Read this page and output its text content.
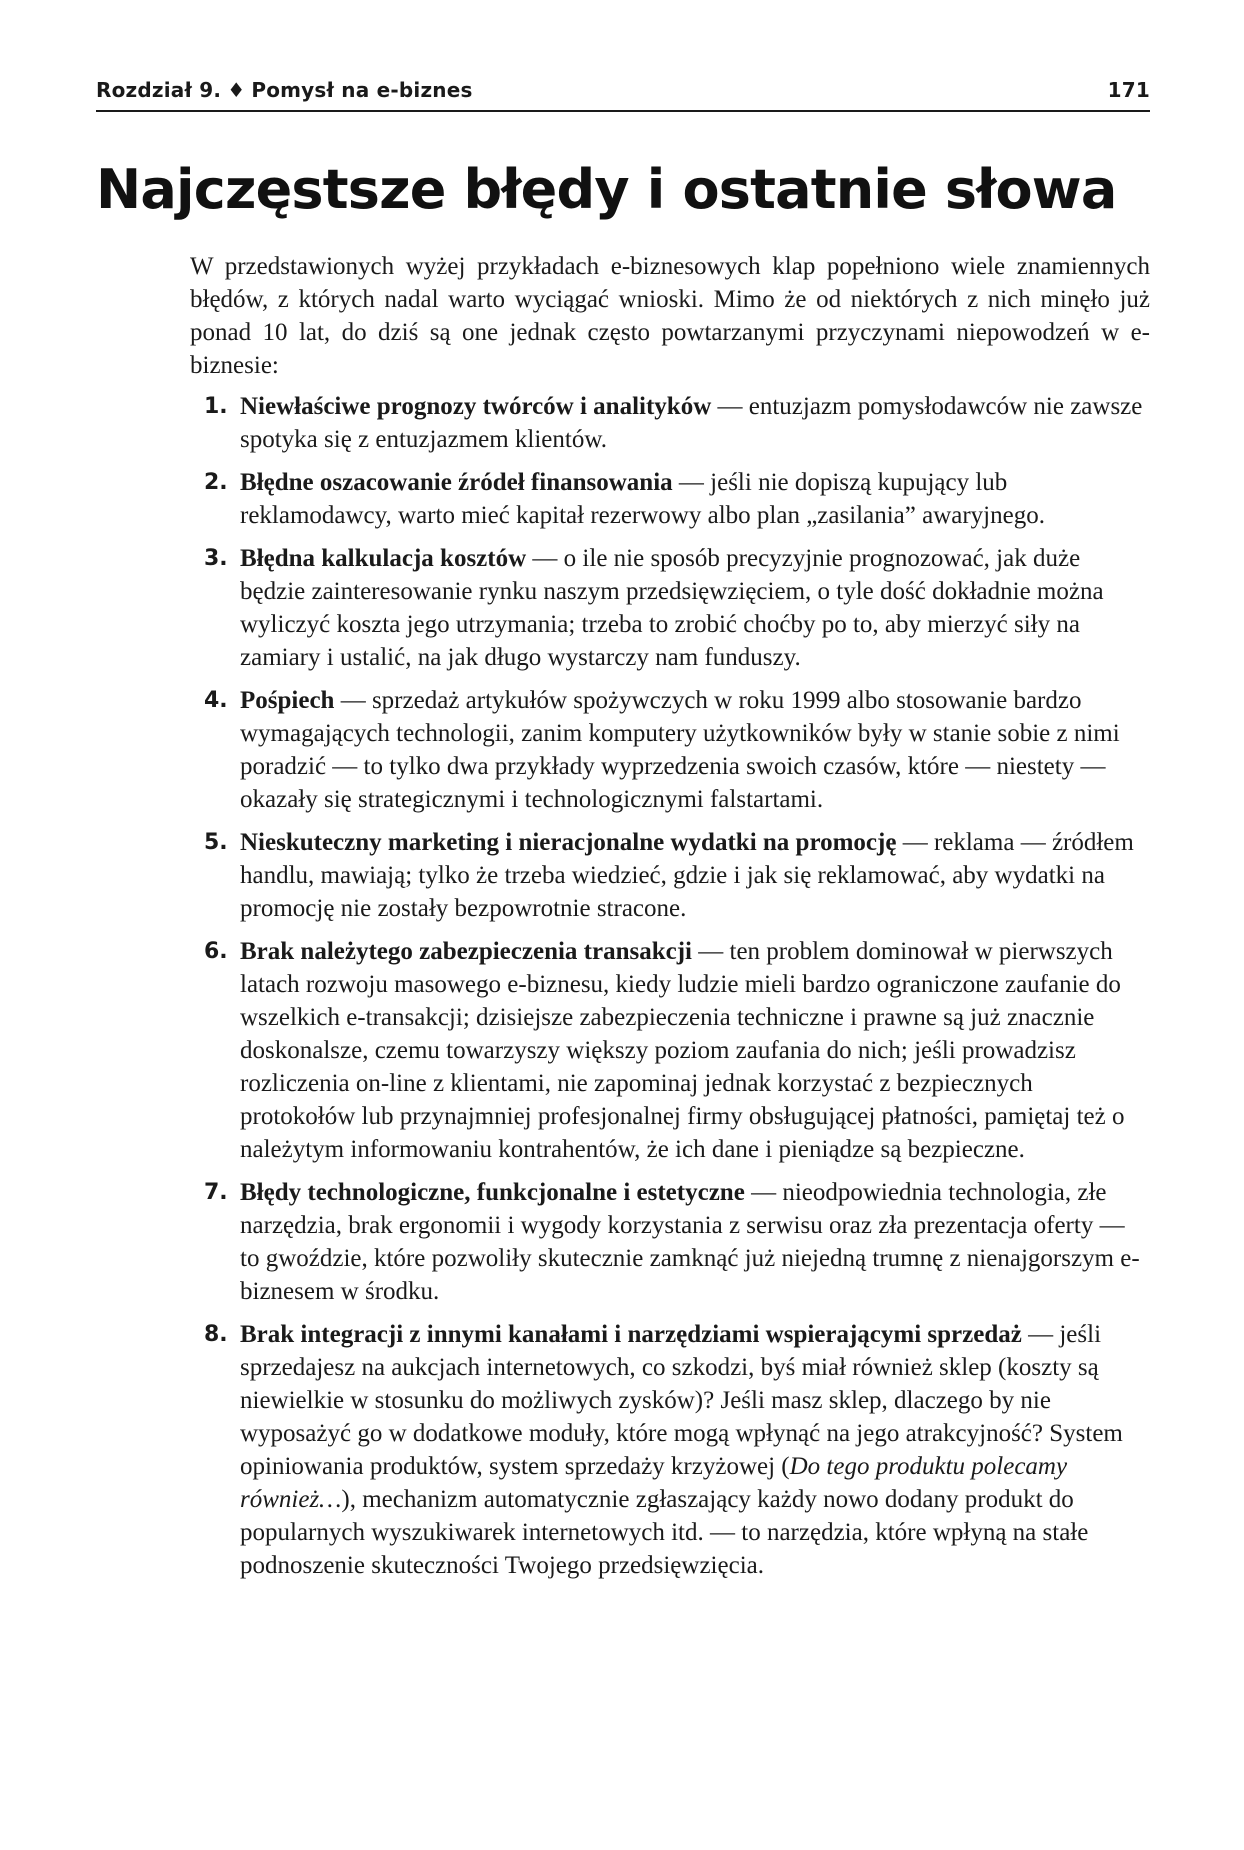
Rozdział 9. ♦ Pomysł na e-biznes	171
Najczęstsze błędy i ostatnie słowa

W przedstawionych wyżej przykładach e-biznesowych klap popełniono wiele znamiennych błędów, z których nadal warto wyciągać wnioski. Mimo że od niektórych z nich minęło już ponad 10 lat, do dziś są one jednak często powtarzanymi przyczynami niepowodzeń w e-biznesie:

1. Niewłaściwe prognozy twórców i analityków — entuzjazm pomysłodawców nie zawsze spotyka się z entuzjazmem klientów.
2. Błędne oszacowanie źródeł finansowania — jeśli nie dopiszą kupujący lub reklamodawcy, warto mieć kapitał rezerwowy albo plan „zasilania” awaryjnego.
3. Błędna kalkulacja kosztów — o ile nie sposób precyzyjnie prognozować, jak duże będzie zainteresowanie rynku naszym przedsięwzięciem, o tyle dość dokładnie można wyliczyć koszta jego utrzymania; trzeba to zrobić choćby po to, aby mierzyć siły na zamiary i ustalić, na jak długo wystarczy nam funduszy.
4. Pośpiech — sprzedaż artykułów spożywczych w roku 1999 albo stosowanie bardzo wymagających technologii, zanim komputery użytkowników były w stanie sobie z nimi poradzić — to tylko dwa przykłady wyprzedzenia swoich czasów, które — niestety — okazały się strategicznymi i technologicznymi falstartami.
5. Nieskuteczny marketing i nieracjonalne wydatki na promocję — reklama — źródłem handlu, mawiają; tylko że trzeba wiedzieć, gdzie i jak się reklamować, aby wydatki na promocję nie zostały bezpowrotnie stracone.
6. Brak należytego zabezpieczenia transakcji — ten problem dominował w pierwszych latach rozwoju masowego e-biznesu, kiedy ludzie mieli bardzo ograniczone zaufanie do wszelkich e-transakcji; dzisiejsze zabezpieczenia techniczne i prawne są już znacznie doskonalsze, czemu towarzyszy większy poziom zaufania do nich; jeśli prowadzisz rozliczenia on-line z klientami, nie zapominaj jednak korzystać z bezpiecznych protokołów lub przynajmniej profesjonalnej firmy obsługującej płatności, pamiętaj też o należytym informowaniu kontrahentów, że ich dane i pieniądze są bezpieczne.
7. Błędy technologiczne, funkcjonalne i estetyczne — nieodpowiednia technologia, złe narzędzia, brak ergonomii i wygody korzystania z serwisu oraz zła prezentacja oferty — to gwoździe, które pozwoliły skutecznie zamknąć już niejedną trumnę z nienajgorszym e-biznesem w środku.
8. Brak integracji z innymi kanałami i narzędziami wspierającymi sprzedaż — jeśli sprzedajesz na aukcjach internetowych, co szkodzi, byś miał również sklep (koszty są niewielkie w stosunku do możliwych zysków)? Jeśli masz sklep, dlaczego by nie wyposażyć go w dodatkowe moduły, które mogą wpłynąć na jego atrakcyjność? System opiniowania produktów, system sprzedaży krzyżowej (Do tego produktu polecamy również…), mechanizm automatycznie zgłaszający każdy nowo dodany produkt do popularnych wyszukiwarek internetowych itd. — to narzędzia, które wpłyną na stałe podnoszenie skuteczności Twojego przedsięwzięcia.
